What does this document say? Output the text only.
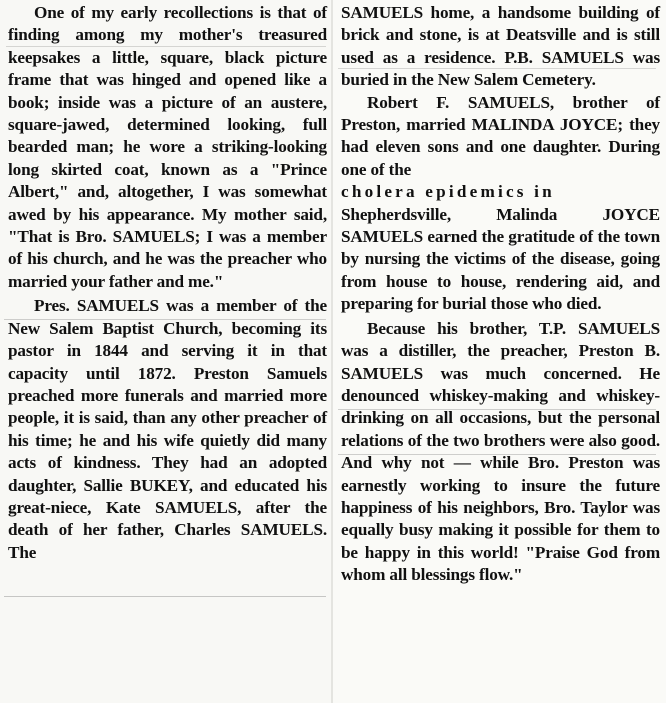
One of my early recollections is that of finding among my mother's treasured keepsakes a little, square, black picture frame that was hinged and opened like a book; inside was a picture of an austere, square-jawed, determined looking, full bearded man; he wore a striking-looking long skirted coat, known as a "Prince Albert," and, altogether, I was somewhat awed by his appearance. My mother said, "That is Bro. SAMUELS; I was a member of his church, and he was the preacher who married your father and me."

Pres. SAMUELS was a member of the New Salem Baptist Church, becoming its pastor in 1844 and serving it in that capacity until 1872. Preston Samuels preached more funerals and married more people, it is said, than any other preacher of his time; he and his wife quietly did many acts of kindness. They had an adopted daughter, Sallie BUKEY, and educated his great-niece, Kate SAMUELS, after the death of her father, Charles SAMUELS. The

SAMUELS home, a handsome building of brick and stone, is at Deatsville and is still used as a residence. P.B. SAMUELS was buried in the New Salem Cemetery.

Robert F. SAMUELS, brother of Preston, married MALINDA JOYCE; they had eleven sons and one daughter. During one of the

cholera epidemics in

Shepherdsville, Malinda JOYCE SAMUELS earned the gratitude of the town by nursing the victims of the disease, going from house to house, rendering aid, and preparing for burial those who died.

Because his brother, T.P. SAMUELS was a distiller, the preacher, Preston B. SAMUELS was much concerned. He denounced whiskey-making and whiskey-drinking on all occasions, but the personal relations of the two brothers were also good. And why not — while Bro. Preston was earnestly working to insure the future happiness of his neighbors, Bro. Taylor was equally busy making it possible for them to be happy in this world! "Praise God from whom all blessings flow."
